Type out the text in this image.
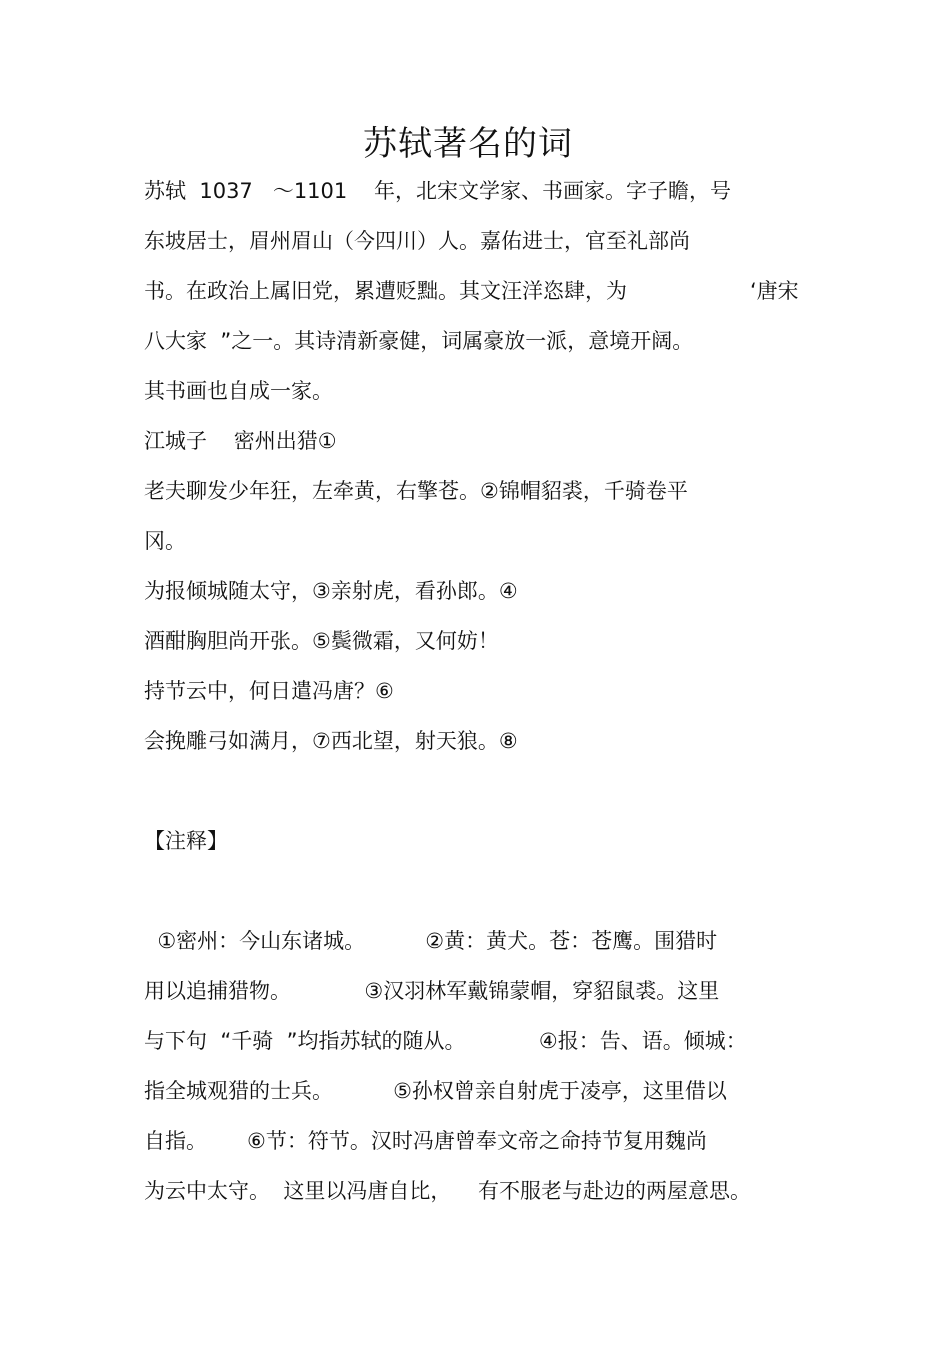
苏轼著名的词
苏轼  1037   ～1101    年，北宋文学家、书画家。字子瞻，号
东坡居士，眉州眉山（今四川）人。嘉佑进士，官至礼部尚
书。在政治上属旧党，累遭贬黜。其文汪洋恣肆，为	‘唐宋
八大家  ”之一。其诗清新豪健，词属豪放一派，意境开阔。
其书画也自成一家。
江城子    密州出猎①
老夫聊发少年狂，左牵黄，右擎苍。②锦帽貂裘，千骑卷平
冈。
为报倾城随太守，③亲射虎，看孙郎。④
酒酣胸胆尚开张。⑤鬓微霜，又何妨！
持节云中，何日遣冯唐？⑥
会挽雕弓如满月，⑦西北望，射天狼。⑧
【注释】
①密州：今山东诸城。         ②黄：黄犬。苍：苍鹰。围猎时
用以追捕猎物。           ③汉羽林军戴锦蒙帽，穿貂鼠裘。这里
与下句  “千骑  ”均指苏轼的随从。           ④报：告、语。倾城：
指全城观猎的士兵。         ⑤孙权曾亲自射虎于凌亭，这里借以
自指。      ⑥节：符节。汉时冯唐曾奉文帝之命持节复用魏尚
为云中太守。  这里以冯唐自比，    有不服老与赴边的两屋意思。
